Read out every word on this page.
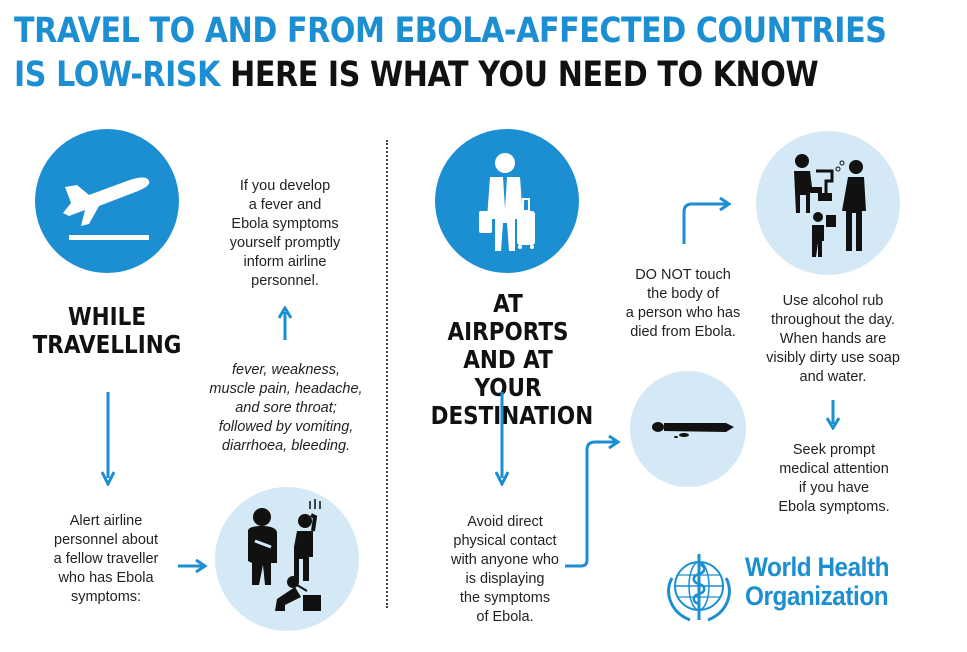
TRAVEL TO AND FROM EBOLA-AFFECTED COUNTRIES
IS LOW-RISK HERE IS WHAT YOU NEED TO KNOW
WHILE
TRAVELLING
Alert airline
personnel about
a fellow traveller
who has Ebola
symptoms:
fever, weakness,
muscle pain, headache,
and sore throat;
followed by vomiting,
diarrhoea, bleeding.
If you develop
a fever and
Ebola symptoms
yourself promptly
inform airline
personnel.
AT AIRPORTS
AND AT YOUR
DESTINATION
Avoid direct
physical contact
with anyone who
is displaying
the symptoms
of Ebola.
DO NOT touch
the body of
a person who has
died from Ebola.
Use alcohol rub
throughout the day.
When hands are
visibly dirty use soap
and water.
Seek prompt
medical attention
if you have
Ebola symptoms.
World Health
Organization
